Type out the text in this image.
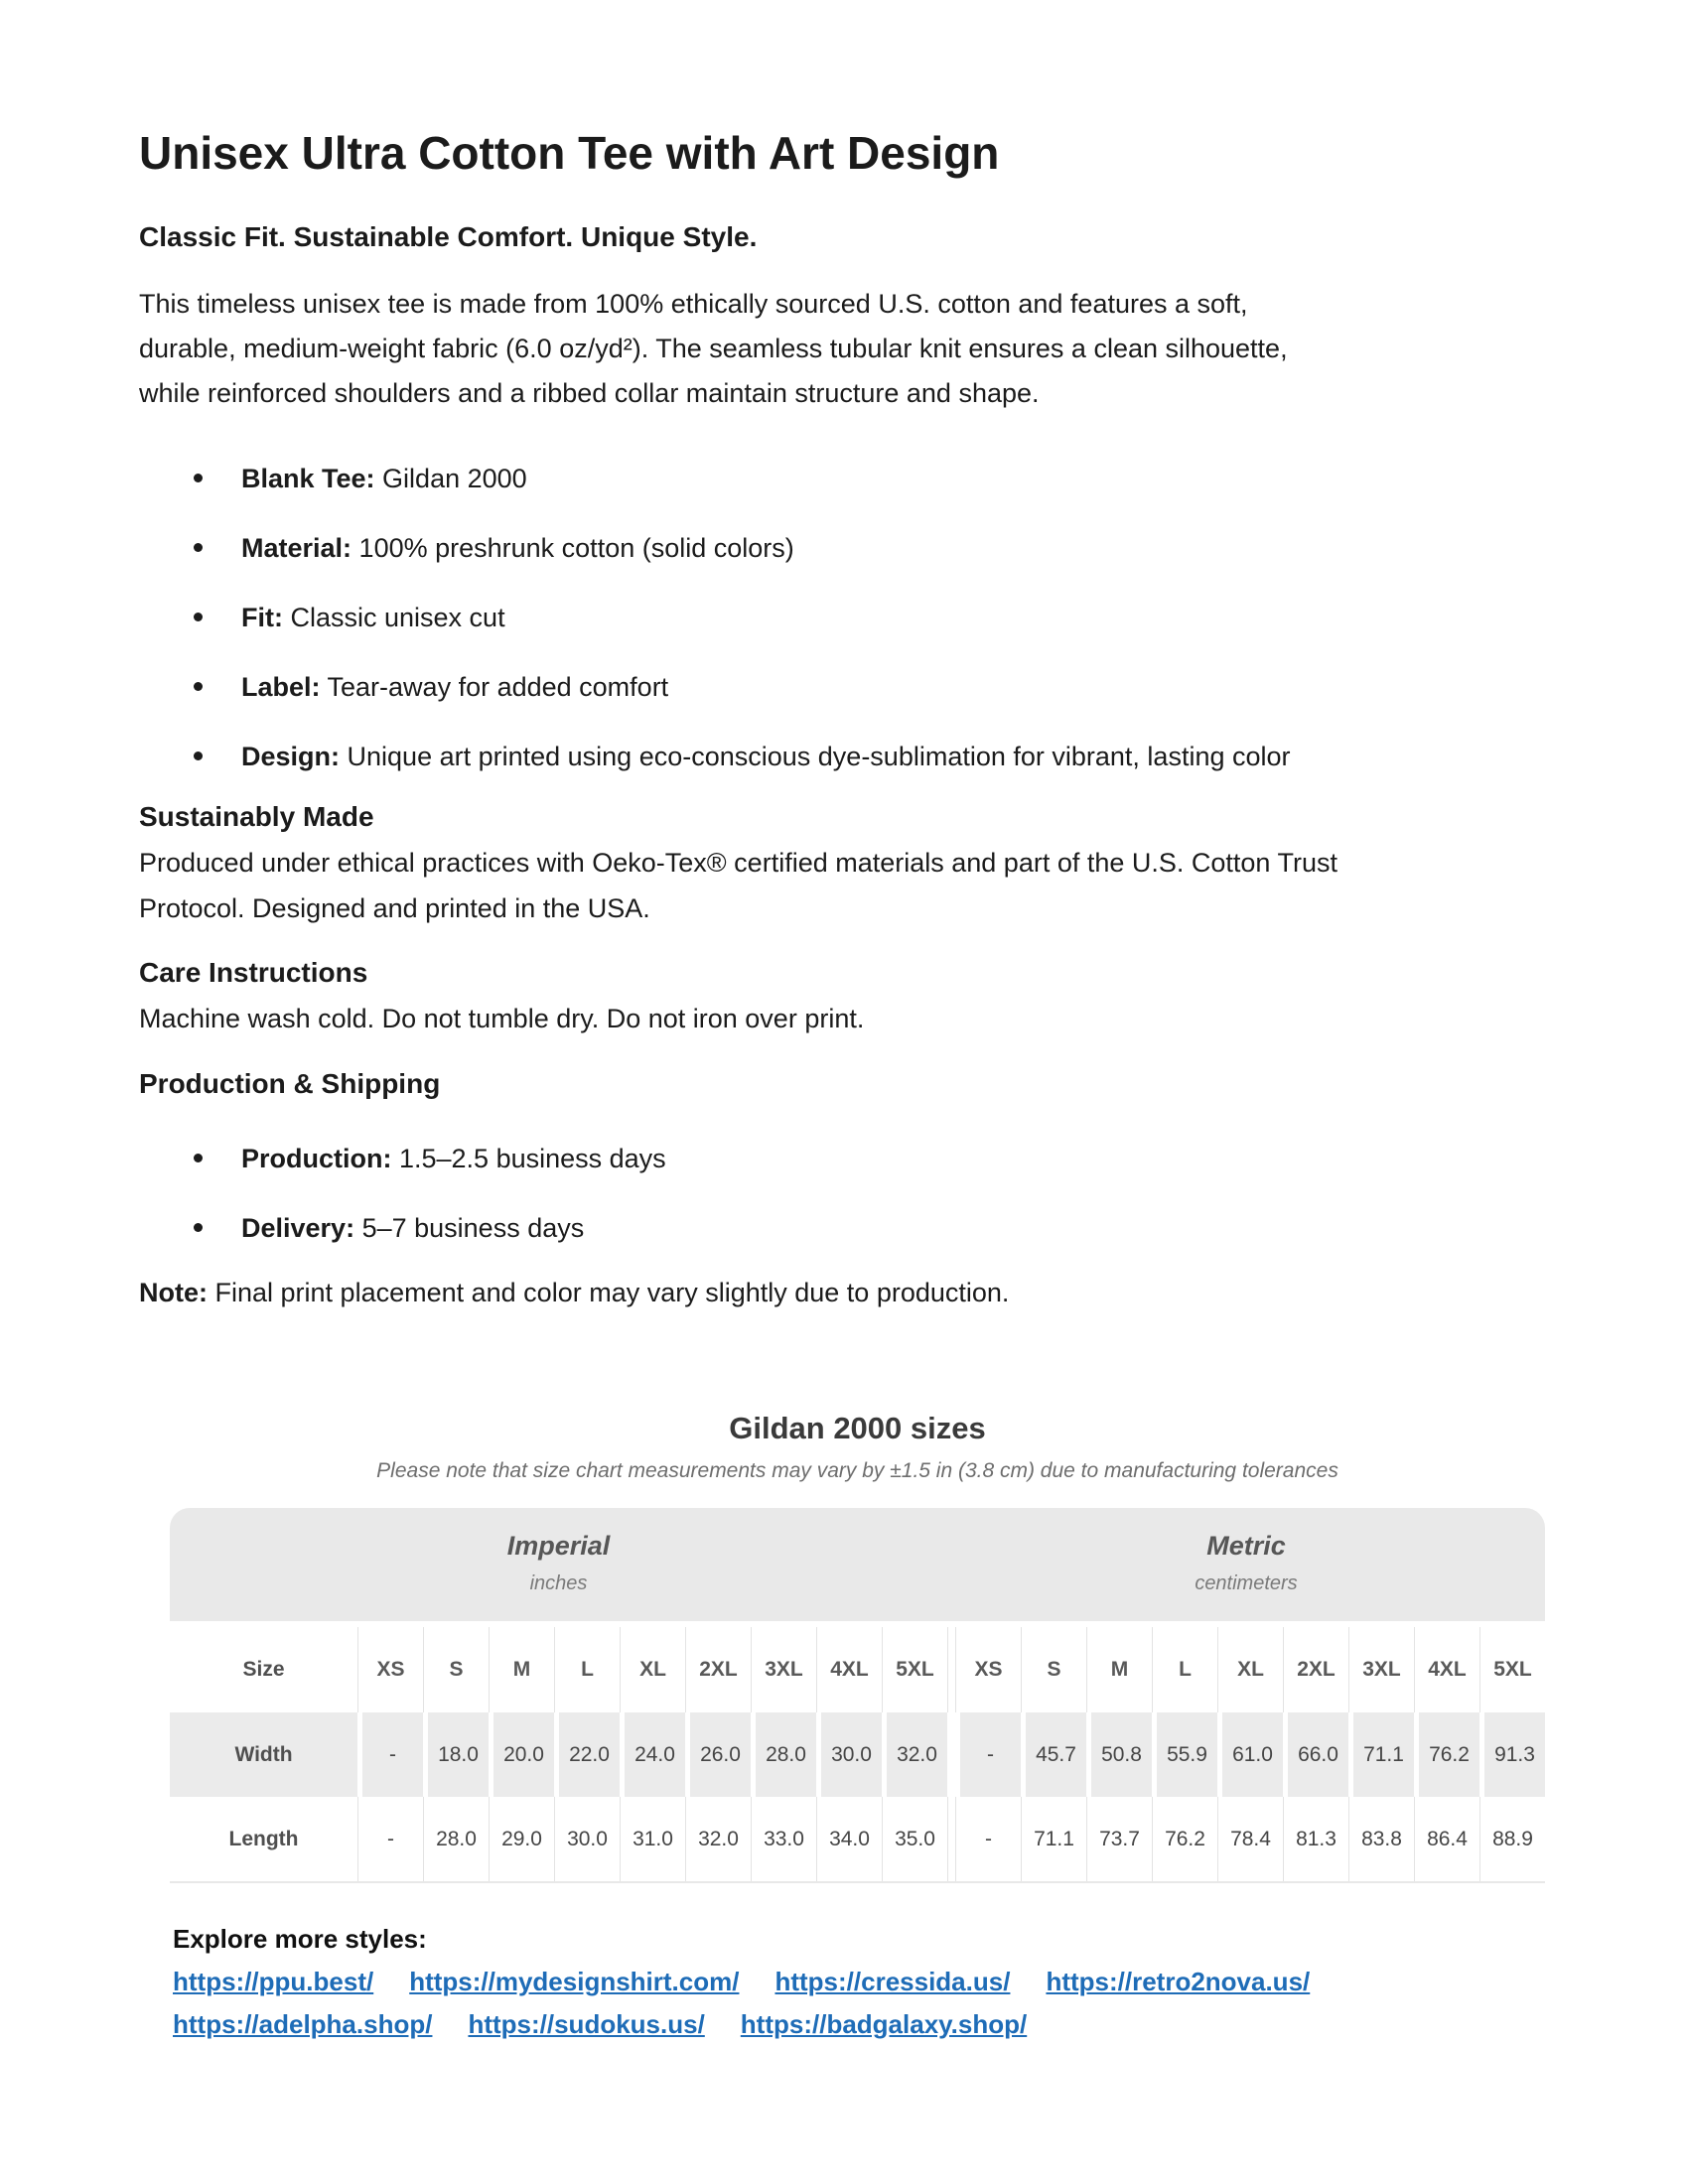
Unisex Ultra Cotton Tee with Art Design
Classic Fit. Sustainable Comfort. Unique Style.
This timeless unisex tee is made from 100% ethically sourced U.S. cotton and features a soft,
durable, medium-weight fabric (6.0 oz/yd²). The seamless tubular knit ensures a clean silhouette,
while reinforced shoulders and a ribbed collar maintain structure and shape.
Blank Tee: Gildan 2000
Material: 100% preshrunk cotton (solid colors)
Fit: Classic unisex cut
Label: Tear-away for added comfort
Design: Unique art printed using eco-conscious dye-sublimation for vibrant, lasting color
Sustainably Made
Produced under ethical practices with Oeko-Tex® certified materials and part of the U.S. Cotton Trust
Protocol. Designed and printed in the USA.
Care Instructions
Machine wash cold. Do not tumble dry. Do not iron over print.
Production & Shipping
Production: 1.5–2.5 business days
Delivery: 5–7 business days
Note: Final print placement and color may vary slightly due to production.
Gildan 2000 sizes
Please note that size chart measurements may vary by ±1.5 in (3.8 cm) due to manufacturing tolerances
Imperial
inches
Metric
centimeters
Size	XS	S	M	L	XL	2XL	3XL	4XL	5XL	XS	S	M	L	XL	2XL	3XL	4XL	5XL
Width	-	18.0	20.0	22.0	24.0	26.0	28.0	30.0	32.0	-	45.7	50.8	55.9	61.0	66.0	71.1	76.2	91.3
Length	-	28.0	29.0	30.0	31.0	32.0	33.0	34.0	35.0	-	71.1	73.7	76.2	78.4	81.3	83.8	86.4	88.9
Explore more styles:
https://ppu.best/ https://mydesignshirt.com/ https://cressida.us/ https://retro2nova.us/
https://adelpha.shop/ https://sudokus.us/ https://badgalaxy.shop/
